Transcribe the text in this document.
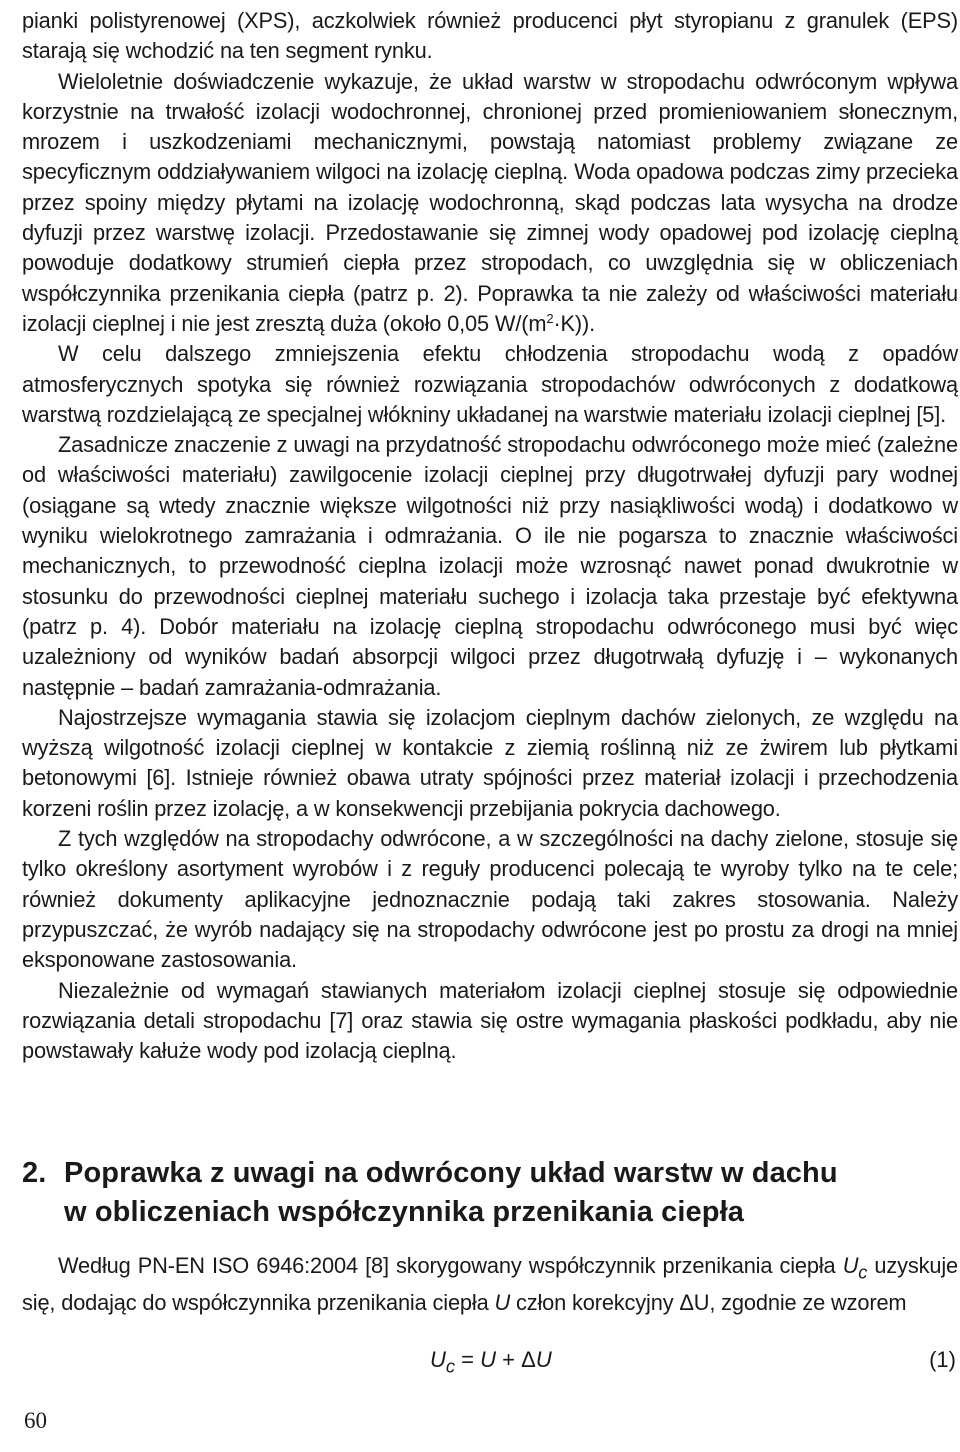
pianki polistyrenowej (XPS), aczkolwiek również producenci płyt styropianu z granulek (EPS) starają się wchodzić na ten segment rynku.

Wieloletnie doświadczenie wykazuje, że układ warstw w stropodachu odwróconym wpływa korzystnie na trwałość izolacji wodochronnej, chronionej przed promieniowaniem słonecznym, mrozem i uszkodzeniami mechanicznymi, powstają natomiast problemy związane ze specyficznym oddziaływaniem wilgoci na izolację cieplną. Woda opadowa podczas zimy przecieka przez spoiny między płytami na izolację wodochronną, skąd podczas lata wysycha na drodze dyfuzji przez warstwę izolacji. Przedostawanie się zimnej wody opadowej pod izolację cieplną powoduje dodatkowy strumień ciepła przez stropodach, co uwzględnia się w obliczeniach współczynnika przenikania ciepła (patrz p. 2). Poprawka ta nie zależy od właściwości materiału izolacji cieplnej i nie jest zresztą duża (około 0,05 $W/(m^2\cdot K)$).

W celu dalszego zmniejszenia efektu chłodzenia stropodachu wodą z opadów atmosferycznych spotyka się również rozwiązania stropodachów odwróconych z dodatkową warstwą rozdzielającą ze specjalnej włókniny układanej na warstwie materiału izolacji cieplnej [5].

Zasadnicze znaczenie z uwagi na przydatność stropodachu odwróconego może mieć (zależne od właściwości materiału) zawilgocenie izolacji cieplnej przy długotrwałej dyfuzji pary wodnej (osiągane są wtedy znacznie większe wilgotności niż przy nasiąkliwości wodą) i dodatkowo w wyniku wielokrotnego zamrażania i odmrażania. O ile nie pogarsza to znacznie właściwości mechanicznych, to przewodność cieplna izolacji może wzrosnąć nawet ponad dwukrotnie w stosunku do przewodności cieplnej materiału suchego i izolacja taka przestaje być efektywna (patrz p. 4). Dobór materiału na izolację cieplną stropodachu odwróconego musi być więc uzależniony od wyników badań absorpcji wilgoci przez długotrwałą dyfuzję i – wykonanych następnie – badań zamrażania-odmrażania.

Najostrzejsze wymagania stawia się izolacjom cieplnym dachów zielonych, ze względu na wyższą wilgotność izolacji cieplnej w kontakcie z ziemią roślinną niż ze żwirem lub płytkami betonowymi [6]. Istnieje również obawa utraty spójności przez materiał izolacji i przechodzenia korzeni roślin przez izolację, a w konsekwencji przebijania pokrycia dachowego.

Z tych względów na stropodachy odwrócone, a w szczególności na dachy zielone, stosuje się tylko określony asortyment wyrobów i z reguły producenci polecają te wyroby tylko na te cele; również dokumenty aplikacyjne jednoznacznie podają taki zakres stosowania. Należy przypuszczać, że wyrób nadający się na stropodachy odwrócone jest po prostu za drogi na mniej eksponowane zastosowania.

Niezależnie od wymagań stawianych materiałom izolacji cieplnej stosuje się odpowiednie rozwiązania detali stropodachu [7] oraz stawia się ostre wymagania płaskości podkładu, aby nie powstawały kałuże wody pod izolacją cieplną.

2. Poprawka z uwagi na odwrócony układ warstw w dachu
w obliczeniach współczynnika przenikania ciepła

Według PN-EN ISO 6946:2004 [8] skorygowany współczynnik przenikania ciepła $U_c$ uzyskuje się, dodając do współczynnika przenikania ciepła U człon korekcyjny ΔU, zgodnie ze wzorem

$U_c = U + \Delta U$	(1)
60
